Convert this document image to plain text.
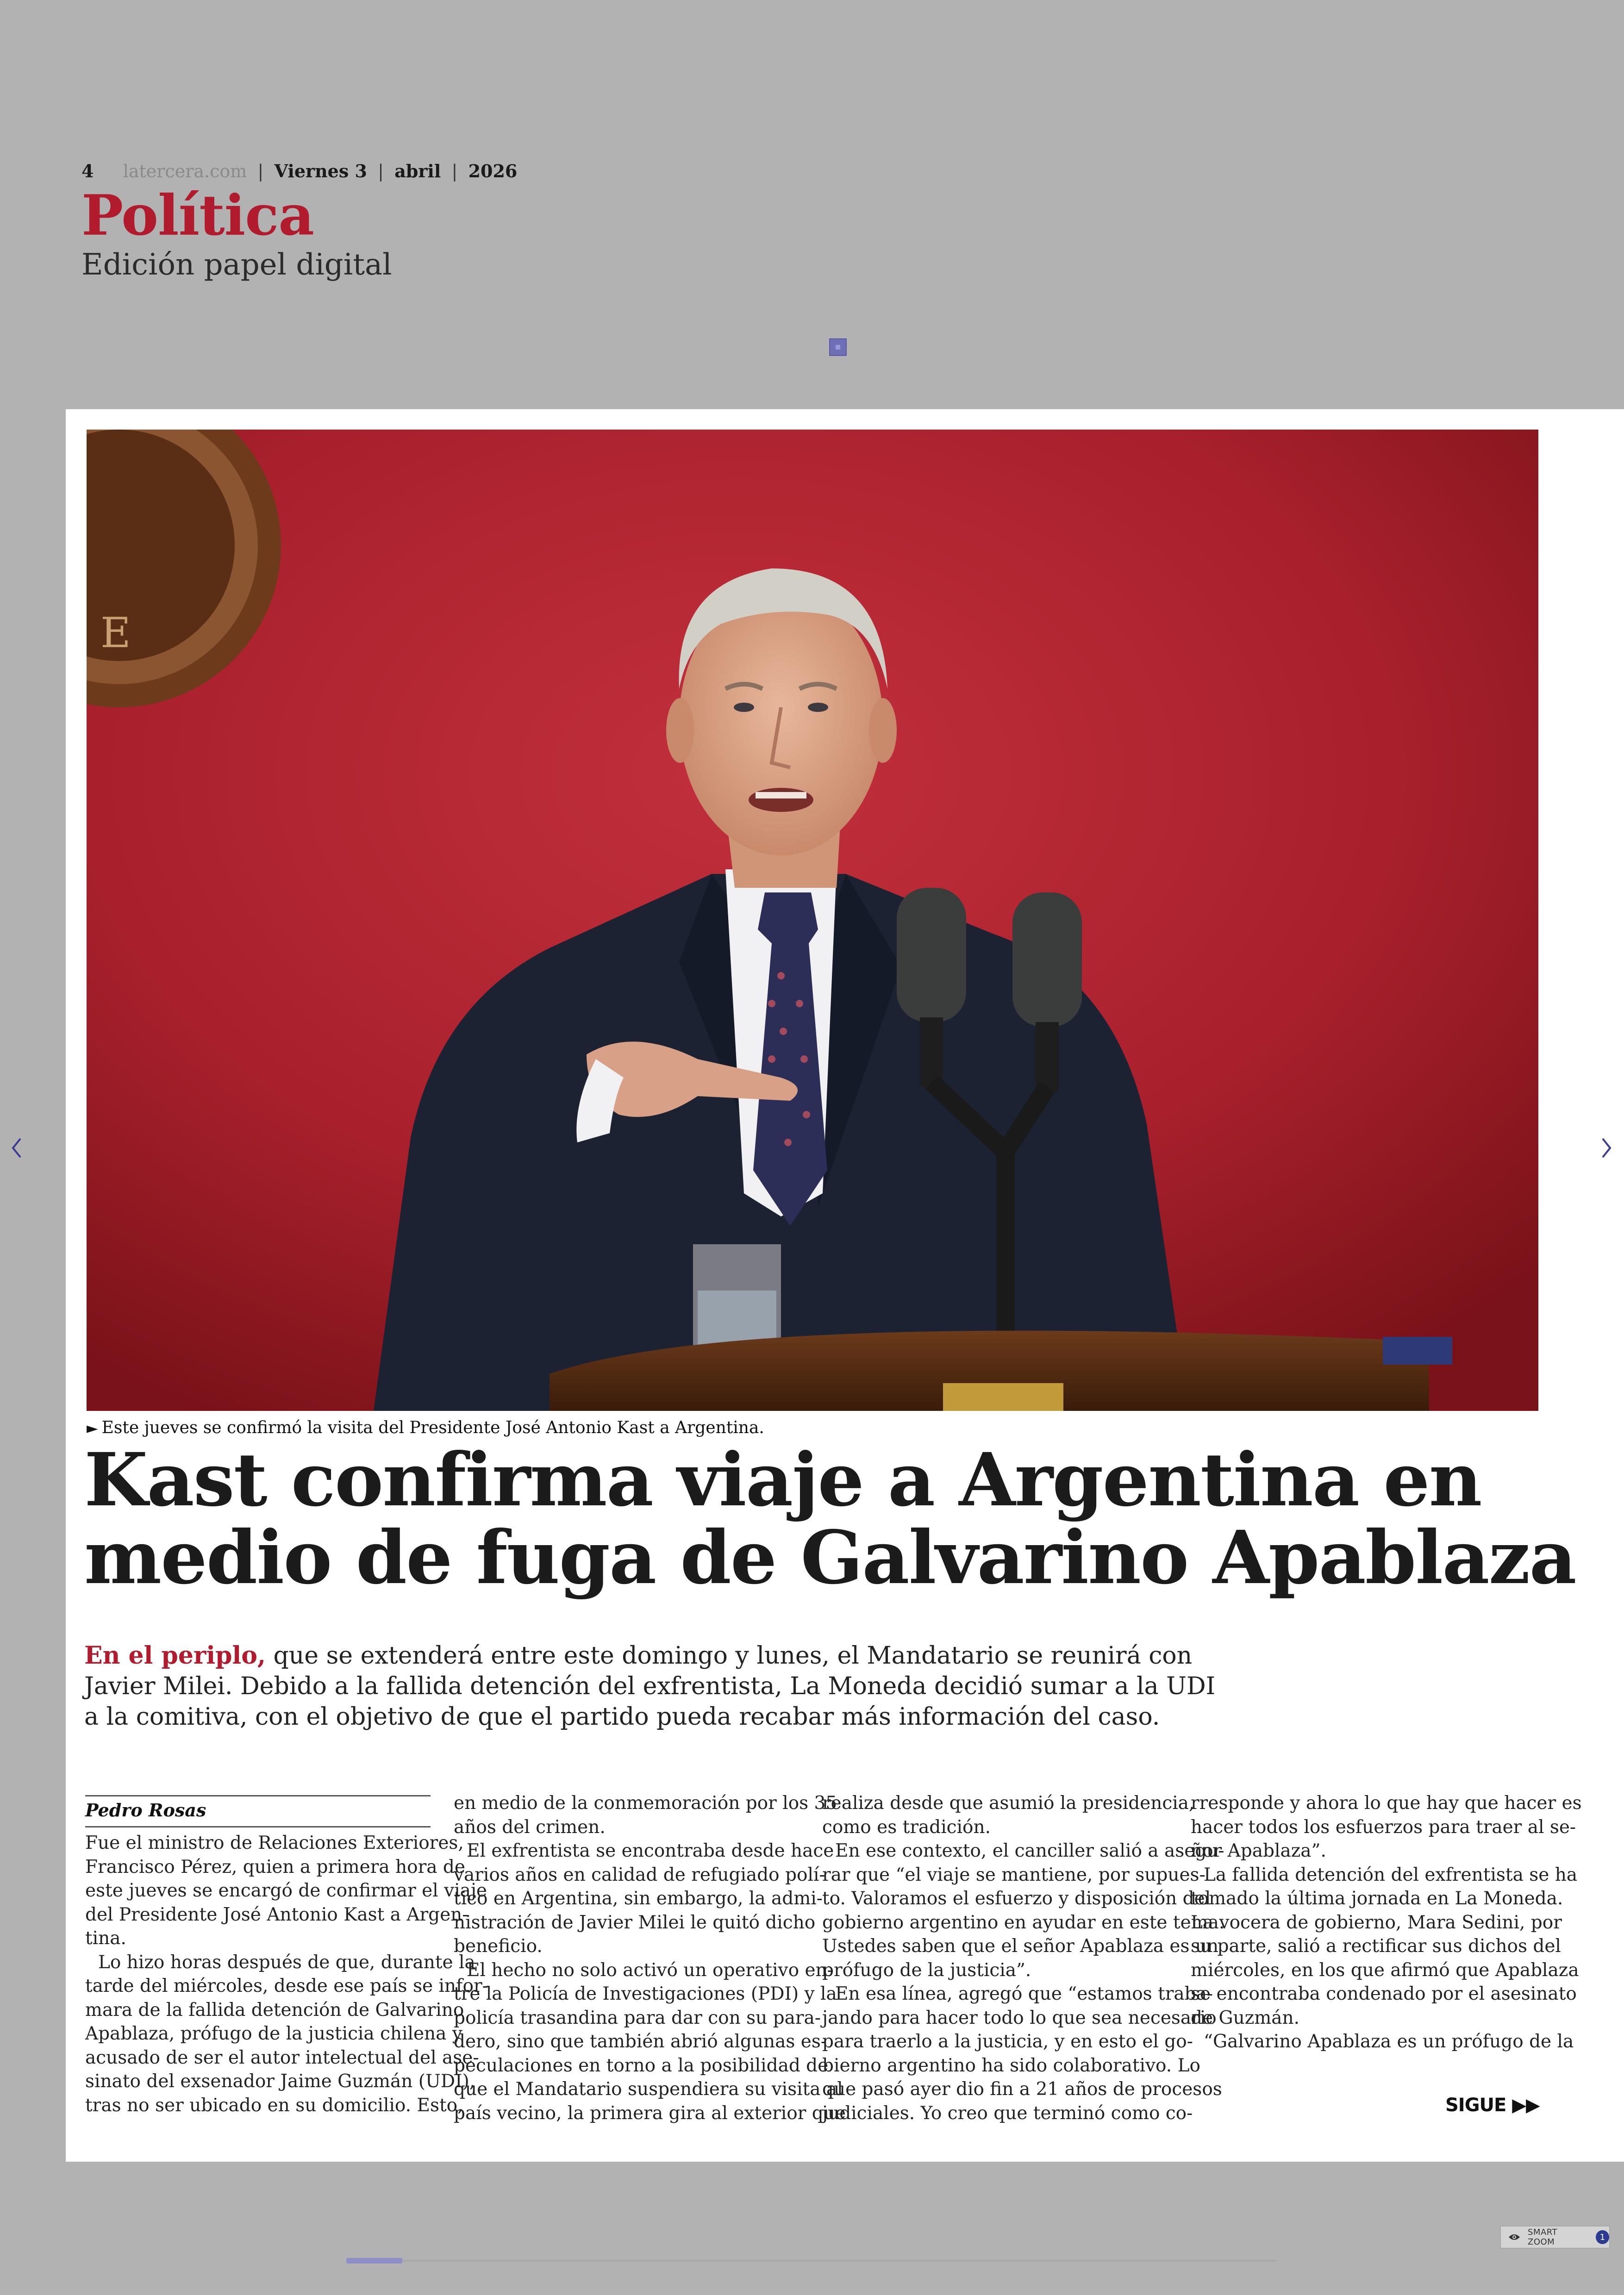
4 latercera.com | Viernes 3 | abril | 2026
Política
Edición papel digital
E
► Este jueves se confirmó la visita del Presidente José Antonio Kast a Argentina.
Kast confirma viaje a Argentina en
medio de fuga de Galvarino Apablaza
En el periplo, que se extenderá entre este domingo y lunes, el Mandatario se reunirá con
Javier Milei. Debido a la fallida detención del exfrentista, La Moneda decidió sumar a la UDI
a la comitiva, con el objetivo de que el partido pueda recabar más información del caso.
Pedro Rosas
Fue el ministro de Relaciones Exteriores,
Francisco Pérez, quien a primera hora de
este jueves se encargó de confirmar el viaje
del Presidente José Antonio Kast a Argen-
tina.
Lo hizo horas después de que, durante la
tarde del miércoles, desde ese país se infor-
mara de la fallida detención de Galvarino
Apablaza, prófugo de la justicia chilena y
acusado de ser el autor intelectual del ase-
sinato del exsenador Jaime Guzmán (UDI),
tras no ser ubicado en su domicilio. Esto,
en medio de la conmemoración por los 35
años del crimen.
El exfrentista se encontraba desde hace
varios años en calidad de refugiado polí-
tico en Argentina, sin embargo, la admi-
nistración de Javier Milei le quitó dicho
beneficio.
El hecho no solo activó un operativo en-
tre la Policía de Investigaciones (PDI) y la
policía trasandina para dar con su para-
dero, sino que también abrió algunas es-
peculaciones en torno a la posibilidad de
que el Mandatario suspendiera su visita al
país vecino, la primera gira al exterior que
realiza desde que asumió la presidencia,
como es tradición.
En ese contexto, el canciller salió a asegu-
rar que “el viaje se mantiene, por supues-
to. Valoramos el esfuerzo y disposición del
gobierno argentino en ayudar en este tema.
Ustedes saben que el señor Apablaza es un
prófugo de la justicia”.
En esa línea, agregó que “estamos traba-
jando para hacer todo lo que sea necesario
para traerlo a la justicia, y en esto el go-
bierno argentino ha sido colaborativo. Lo
que pasó ayer dio fin a 21 años de procesos
judiciales. Yo creo que terminó como co-
rresponde y ahora lo que hay que hacer es
hacer todos los esfuerzos para traer al se-
ñor Apablaza”.
La fallida detención del exfrentista se ha
tomado la última jornada en La Moneda.
La vocera de gobierno, Mara Sedini, por
su parte, salió a rectificar sus dichos del
miércoles, en los que afirmó que Apablaza
se encontraba condenado por el asesinato
de Guzmán.
“Galvarino Apablaza es un prófugo de la
SIGUE ▶▶
SMART ZOOM	1
